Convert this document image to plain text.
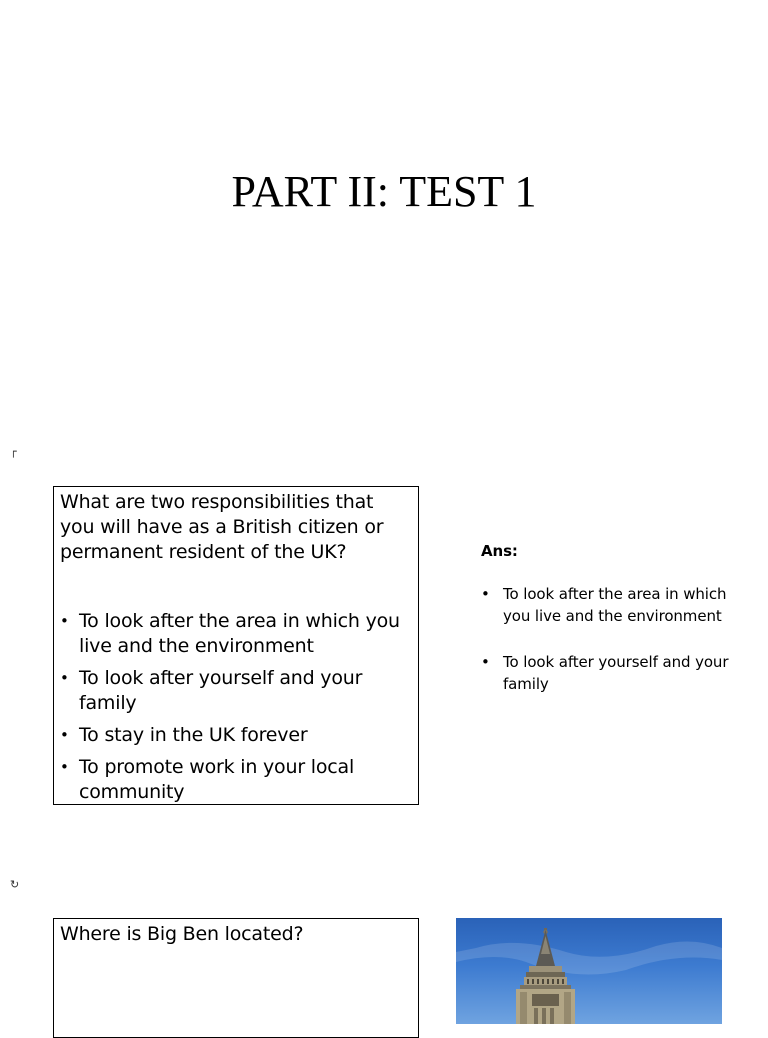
PART II: TEST 1
┌

What are two responsibilities that you will have as a British citizen or permanent resident of the UK?

• To look after the area in which you live and the environment
• To look after yourself and your family
• To stay in the UK forever
• To promote work in your local community

Ans:

• To look after the area in which you live and the environment
• To look after yourself and your family
↻

Where is Big Ben located?
